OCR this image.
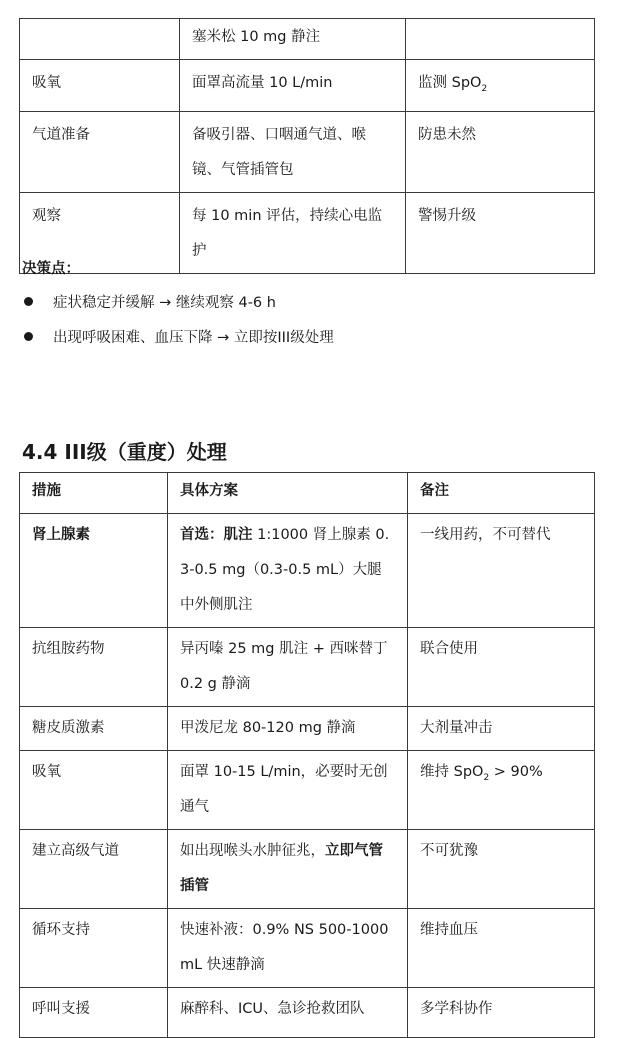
	塞米松 10 mg 静注	
吸氧	面罩高流量 10 L/min	监测 SpO$_2$
气道准备	备吸引器、口咽通气道、喉镜、气管插管包	防患未然
观察	每 10 min 评估，持续心电监护	警惕升级
决策点：
症状稳定并缓解 → 继续观察 4-6 h
出现呼吸困难、血压下降 → 立即按III级处理
4.4 III级（重度）处理
措施	具体方案	备注
肾上腺素	首选：肌注 1:1000 肾上腺素 0.3-0.5 mg（0.3-0.5 mL）大腿中外侧肌注	一线用药，不可替代
抗组胺药物	异丙嗪 25 mg 肌注 + 西咪替丁 0.2 g 静滴	联合使用
糖皮质激素	甲泼尼龙 80-120 mg 静滴	大剂量冲击
吸氧	面罩 10-15 L/min，必要时无创通气	维持 SpO$_2$ > 90%
建立高级气道	如出现喉头水肿征兆，立即气管插管	不可犹豫
循环支持	快速补液：0.9% NS 500-1000 mL 快速静滴	维持血压
呼叫支援	麻醉科、ICU、急诊抢救团队	多学科协作
